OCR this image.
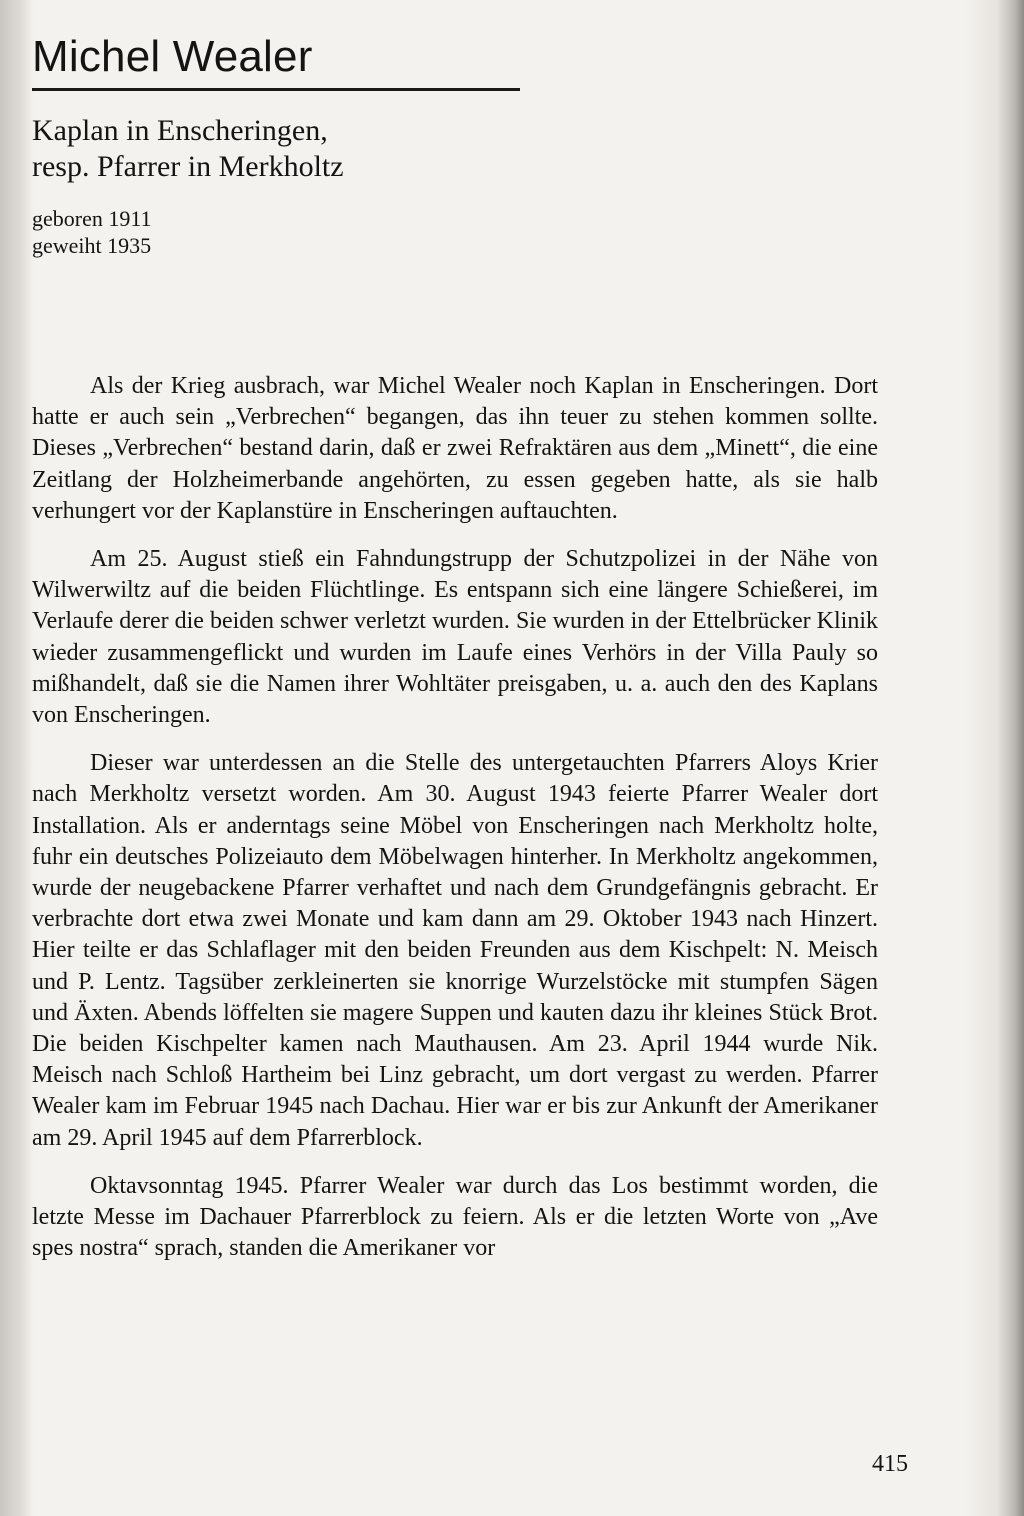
Michel Wealer
Kaplan in Enscheringen,
resp. Pfarrer in Merkholtz
geboren 1911
geweiht 1935

Als der Krieg ausbrach, war Michel Wealer noch Kaplan in Enscheringen. Dort hatte er auch sein „Verbrechen“ begangen, das ihn teuer zu stehen kommen sollte. Dieses „Verbrechen“ bestand darin, daß er zwei Refraktären aus dem „Minett“, die eine Zeitlang der Holzheimerbande angehörten, zu essen gegeben hatte, als sie halb verhungert vor der Kaplanstüre in Enscheringen auftauchten.

Am 25. August stieß ein Fahndungstrupp der Schutzpolizei in der Nähe von Wilwerwiltz auf die beiden Flüchtlinge. Es entspann sich eine längere Schießerei, im Verlaufe derer die beiden schwer verletzt wurden. Sie wurden in der Ettelbrücker Klinik wieder zusammengeflickt und wurden im Laufe eines Verhörs in der Villa Pauly so mißhandelt, daß sie die Namen ihrer Wohltäter preisgaben, u. a. auch den des Kaplans von Enscheringen.

Dieser war unterdessen an die Stelle des untergetauchten Pfarrers Aloys Krier nach Merkholtz versetzt worden. Am 30. August 1943 feierte Pfarrer Wealer dort Installation. Als er anderntags seine Möbel von Enscheringen nach Merkholtz holte, fuhr ein deutsches Polizeiauto dem Möbelwagen hinterher. In Merkholtz angekommen, wurde der neugebackene Pfarrer verhaftet und nach dem Grundgefängnis gebracht. Er verbrachte dort etwa zwei Monate und kam dann am 29. Oktober 1943 nach Hinzert. Hier teilte er das Schlaflager mit den beiden Freunden aus dem Kischpelt: N. Meisch und P. Lentz. Tagsüber zerkleinerten sie knorrige Wurzelstöcke mit stumpfen Sägen und Äxten. Abends löffelten sie magere Suppen und kauten dazu ihr kleines Stück Brot. Die beiden Kischpelter kamen nach Mauthausen. Am 23. April 1944 wurde Nik. Meisch nach Schloß Hartheim bei Linz gebracht, um dort vergast zu werden. Pfarrer Wealer kam im Februar 1945 nach Dachau. Hier war er bis zur Ankunft der Amerikaner am 29. April 1945 auf dem Pfarrerblock.

Oktavsonntag 1945. Pfarrer Wealer war durch das Los bestimmt worden, die letzte Messe im Dachauer Pfarrerblock zu feiern. Als er die letzten Worte von „Ave spes nostra“ sprach, standen die Amerikaner vor

415
